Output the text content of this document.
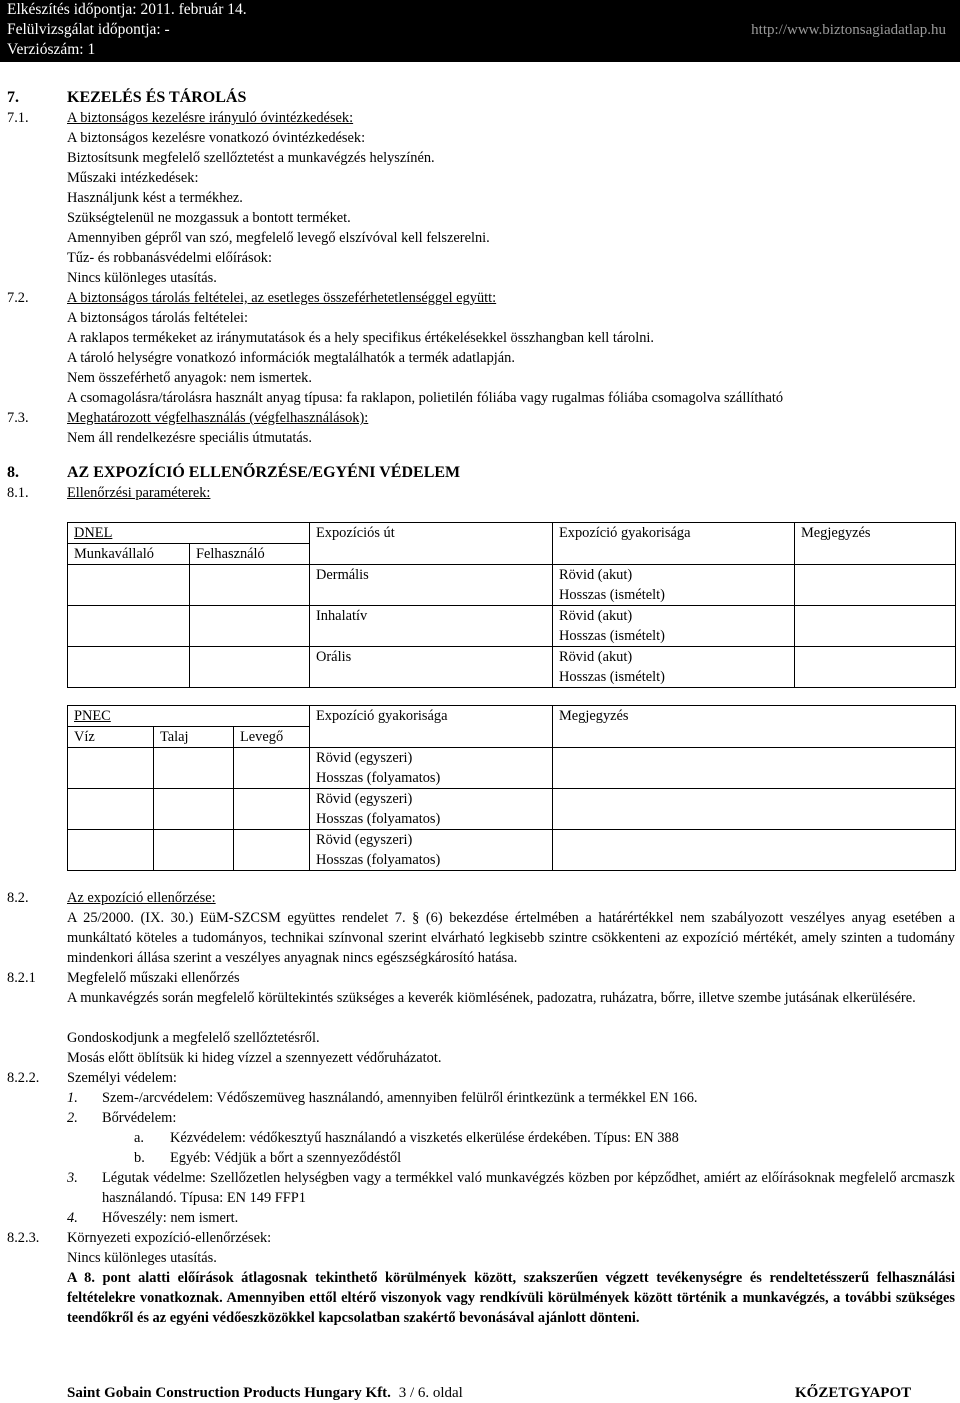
Elkészítés időpontja: 2011. február 14.
Felülvizsgálat időpontja: -
Verziószám: 1
http://www.biztonsagiadatlap.hu
7.	KEZELÉS ÉS TÁROLÁS
7.1.	A biztonságos kezelésre irányuló óvintézkedések:
A biztonságos kezelésre vonatkozó óvintézkedések:
Biztosítsunk megfelelő szellőztetést a munkavégzés helyszínén.
Műszaki intézkedések:
Használjunk kést a termékhez.
Szükségtelenül ne mozgassuk a bontott terméket.
Amennyiben gépről van szó, megfelelő levegő elszívóval kell felszerelni.
Tűz- és robbanásvédelmi előírások:
Nincs különleges utasítás.
7.2.	A biztonságos tárolás feltételei, az esetleges összeférhetetlenséggel együtt:
A biztonságos tárolás feltételei:
A raklapos termékeket az iránymutatások és a hely specifikus értékelésekkel összhangban kell tárolni.
A tároló helységre vonatkozó információk megtalálhatók a termék adatlapján.
Nem összeférhető anyagok: nem ismertek.
A csomagolásra/tárolásra használt anyag típusa: fa raklapon, polietilén fóliába vagy rugalmas fóliába csomagolva szállítható
7.3.	Meghatározott végfelhasználás (végfelhasználások):
Nem áll rendelkezésre speciális útmutatás.
8.	AZ EXPOZÍCIÓ ELLENŐRZÉSE/EGYÉNI VÉDELEM
8.1.	Ellenőrzési paraméterek:
DNEL		Expozíciós út	Expozíció gyakorisága	Megjegyzés
Munkavállaló	Felhasználó			
		Dermális	Rövid (akut)
Hosszas (ismételt)	
		Inhalatív	Rövid (akut)
Hosszas (ismételt)	
		Orális	Rövid (akut)
Hosszas (ismételt)	
PNEC			Expozíció gyakorisága	Megjegyzés
Víz	Talaj	Levegő		
			Rövid (egyszeri)
Hosszas (folyamatos)	
			Rövid (egyszeri)
Hosszas (folyamatos)	
			Rövid (egyszeri)
Hosszas (folyamatos)	
8.2.	Az expozíció ellenőrzése:
A 25/2000. (IX. 30.) EüM-SZCSM együttes rendelet 7. § (6) bekezdése értelmében a határértékkel nem szabályozott veszélyes anyag esetében a munkáltató köteles a tudományos, technikai színvonal szerint elvárható legkisebb szintre csökkenteni az expozíció mértékét, amely szinten a tudomány mindenkori állása szerint a veszélyes anyagnak nincs egészségkárosító hatása.
8.2.1 Megfelelő műszaki ellenőrzés
A munkavégzés során megfelelő körültekintés szükséges a keverék kiömlésének, padozatra, ruházatra, bőrre, illetve szembe jutásának elkerülésére.
Gondoskodjunk a megfelelő szellőztetésről.
Mosás előtt öblítsük ki hideg vízzel a szennyezett védőruházatot.
8.2.2. Személyi védelem:
1. Szem-/arcvédelem: Védőszemüveg használandó, amennyiben felülről érintkezünk a termékkel EN 166.
2. Bőrvédelem:
a. Kézvédelem: védőkesztyű használandó a viszketés elkerülése érdekében. Típus: EN 388
b. Egyéb: Védjük a bőrt a szennyeződéstől
3. Légutak védelme: Szellőzetlen helységben vagy a termékkel való munkavégzés közben por képződhet, amiért az előírásoknak megfelelő arcmaszk használandó. Típusa: EN 149 FFP1
4. Hőveszély: nem ismert.
8.2.3. Környezeti expozíció-ellenőrzések:
Nincs különleges utasítás.
A 8. pont alatti előírások átlagosnak tekinthető körülmények között, szakszerűen végzett tevékenységre és rendeltetésszerű felhasználási feltételekre vonatkoznak. Amennyiben ettől eltérő viszonyok vagy rendkívüli körülmények között történik a munkavégzés, a további szükséges teendőkről és az egyéni védőeszközökkel kapcsolatban szakértő bevonásával ajánlott dönteni.
Saint Gobain Construction Products Hungary Kft. 3 / 6. oldal	KŐZETGYAPOT
